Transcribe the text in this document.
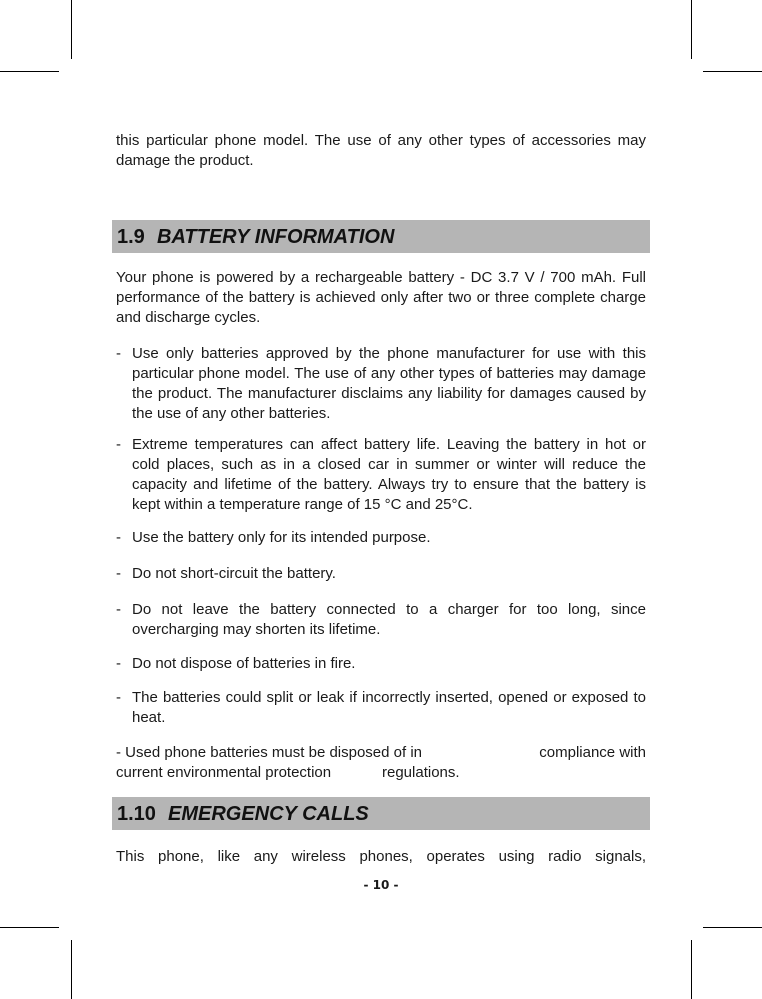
this particular phone model. The use of any other types of accessories may damage the product.

1.9 BATTERY INFORMATION

Your phone is powered by a rechargeable battery - DC 3.7 V / 700 mAh. Full performance of the battery is achieved only after two or three complete charge and discharge cycles.

- Use only batteries approved by the phone manufacturer for use with this particular phone model. The use of any other types of batteries may damage the product. The manufacturer disclaims any liability for damages caused by the use of any other batteries.
- Extreme temperatures can affect battery life. Leaving the battery in hot or cold places, such as in a closed car in summer or winter will reduce the capacity and lifetime of the battery. Always try to ensure that the battery is kept within a temperature range of 15 °C and 25°C.
- Use the battery only for its intended purpose.
- Do not short-circuit the battery.
- Do not leave the battery connected to a charger for too long, since overcharging may shorten its lifetime.
- Do not dispose of batteries in fire.
- The batteries could split or leak if incorrectly inserted, opened or exposed to heat.
- Used phone batteries must be disposed of in	compliance with
current environmental protection	regulations.
1.10 EMERGENCY CALLS

This phone, like any wireless phones, operates using radio signals,

- 10 -
